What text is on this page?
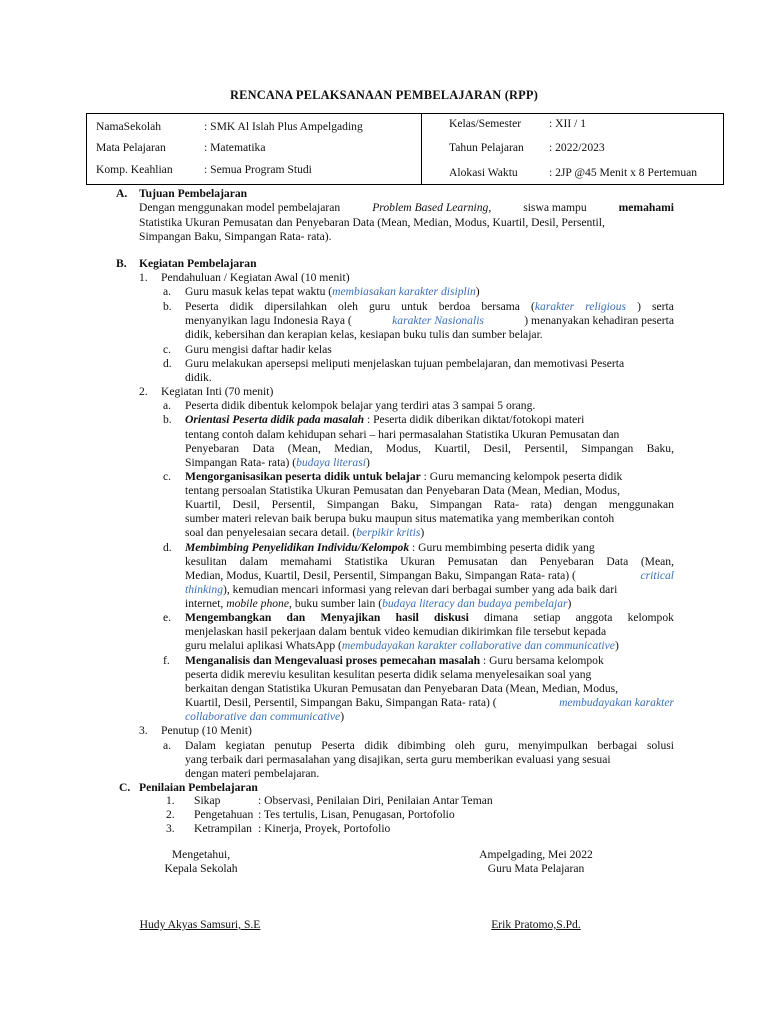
RENCANA PELAKSANAAN PEMBELAJARAN (RPP)
NamaSekolah	: SMK Al Islah Plus Ampelgading
Mata Pelajaran	: Matematika
Komp. Keahlian	: Semua Program Studi
Kelas/Semester : XII / 1
Tahun Pelajaran : 2022/2023
Alokasi Waktu	: 2JP @45 Menit x 8 Pertemuan
A. Tujuan Pembelajaran
Dengan menggunakan model pembelajaran	Problem Based Learning,	siswa mampu	memahami
Statistika Ukuran Pemusatan dan Penyebaran Data (Mean, Median, Modus, Kuartil, Desil, Persentil,
Simpangan Baku, Simpangan Rata- rata).
B. Kegiatan Pembelajaran
1. Pendahuluan / Kegiatan Awal (10 menit)
a. Guru masuk kelas tepat waktu (membiasakan karakter disiplin)
b. Peserta didik dipersilahkan oleh guru untuk berdoa bersama (karakter religious ) serta
menyanyikan lagu Indonesia Raya (	karakter Nasionalis	) menanyakan kehadiran peserta
didik, kebersihan dan kerapian kelas, kesiapan buku tulis dan sumber belajar.
c. Guru mengisi daftar hadir kelas
d. Guru melakukan apersepsi meliputi menjelaskan tujuan pembelajaran, dan memotivasi Peserta
didik.
2. Kegiatan Inti (70 menit)
a. Peserta didik dibentuk kelompok belajar yang terdiri atas 3 sampai 5 orang.
b. Orientasi Peserta didik pada masalah : Peserta didik diberikan diktat/fotokopi materi
tentang contoh dalam kehidupan sehari – hari permasalahan Statistika Ukuran Pemusatan dan
Penyebaran Data (Mean, Median, Modus, Kuartil, Desil, Persentil, Simpangan Baku,
Simpangan Rata- rata) (budaya literasi)
c. Mengorganisasikan peserta didik untuk belajar : Guru memancing kelompok peserta didik
tentang persoalan Statistika Ukuran Pemusatan dan Penyebaran Data (Mean, Median, Modus,
Kuartil, Desil, Persentil, Simpangan Baku, Simpangan Rata- rata) dengan menggunakan
sumber materi relevan baik berupa buku maupun situs matematika yang memberikan contoh
soal dan penyelesaian secara detail. (berpikir kritis)
d. Membimbing Penyelidikan Individu/Kelompok : Guru membimbing peserta didik yang
kesulitan dalam memahami Statistika Ukuran Pemusatan dan Penyebaran Data (Mean,
Median, Modus, Kuartil, Desil, Persentil, Simpangan Baku, Simpangan Rata- rata) (	critical
thinking), kemudian mencari informasi yang relevan dari berbagai sumber yang ada baik dari
internet, mobile phone, buku sumber lain (budaya literacy dan budaya pembelajar)
e. Mengembangkan dan Menyajikan hasil diskusi dimana setiap anggota kelompok
menjelaskan hasil pekerjaan dalam bentuk video kemudian dikirimkan file tersebut kepada
guru melalui aplikasi WhatsApp (membudayakan karakter collaborative dan communicative)
f. Menganalisis dan Mengevaluasi proses pemecahan masalah : Guru bersama kelompok
peserta didik mereviu kesulitan kesulitan peserta didik selama menyelesaikan soal yang
berkaitan dengan Statistika Ukuran Pemusatan dan Penyebaran Data (Mean, Median, Modus,
Kuartil, Desil, Persentil, Simpangan Baku, Simpangan Rata- rata) (	membudayakan karakter
collaborative dan communicative)
3. Penutup (10 Menit)
a. Dalam kegiatan penutup Peserta didik dibimbing oleh guru, menyimpulkan berbagai solusi
yang terbaik dari permasalahan yang disajikan, serta guru memberikan evaluasi yang sesuai
dengan materi pembelajaran.
C. Penilaian Pembelajaran
1. Sikap	: Observasi, Penilaian Diri, Penilaian Antar Teman
2. Pengetahuan : Tes tertulis, Lisan, Penugasan, Portofolio
3. Ketrampilan : Kinerja, Proyek, Portofolio
Mengetahui,
Kepala Sekolah
Hudy Akyas Samsuri, S.E
Ampelgading, Mei 2022
Guru Mata Pelajaran
Erik Pratomo,S.Pd.
